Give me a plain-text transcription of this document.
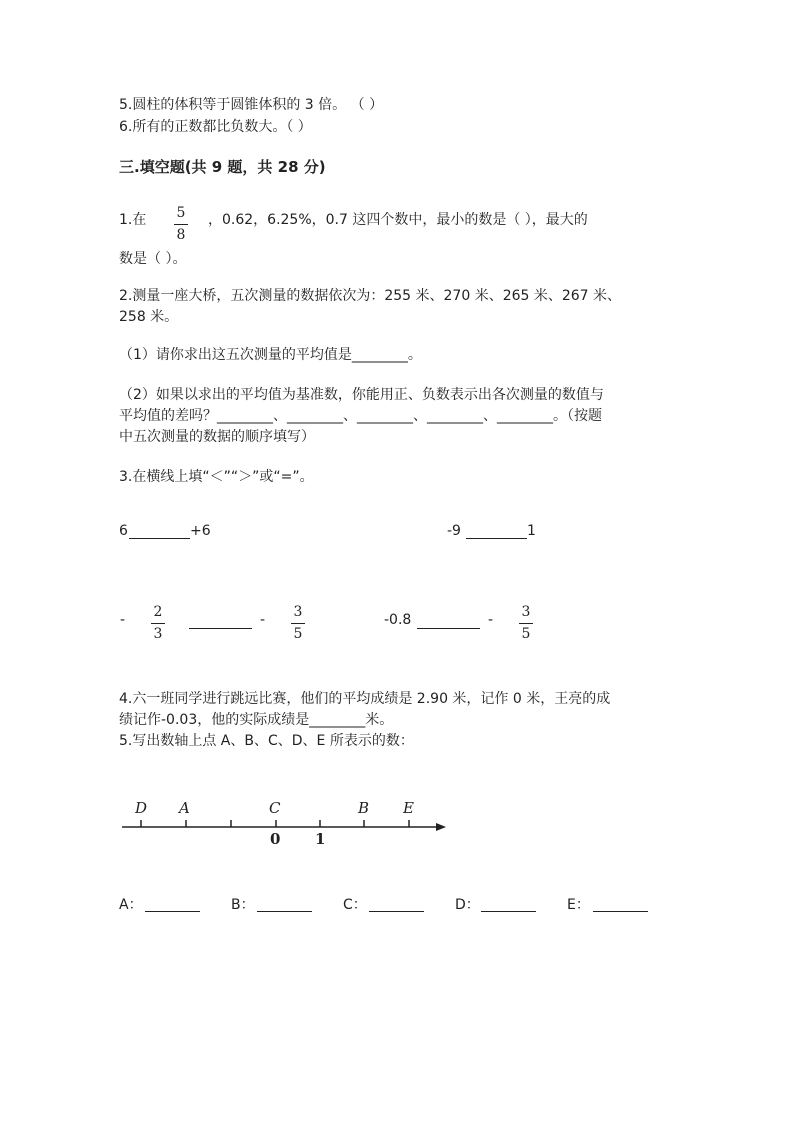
5.圆柱的体积等于圆锥体积的 3 倍。 （ ）
6.所有的正数都比负数大。（ ）
三.填空题(共 9 题，共 28 分)
1.在 5
8
，0.62，6.25%，0.7 这四个数中，最小的数是（ ），最大的
数是（ ）。
2.测量一座大桥，五次测量的数据依次为：255 米、270 米、265 米、267 米、
258 米。
（1）请你求出这五次测量的平均值是________。
（2）如果以求出的平均值为基准数，你能用正、负数表示出各次测量的数值与
平均值的差吗？________、________、________、________、________。（按题
中五次测量的数据的顺序填写）
3.在横线上填“＜”“＞”或“=”。
6	+6	-9	1
- 2
3
- 3
5
-0.8	- 3
5
4.六一班同学进行跳远比赛，他们的平均成绩是 2.90 米，记作 0 米，王亮的成
绩记作-0.03，他的实际成绩是________米。
5.写出数轴上点 A、B、C、D、E 所表示的数：
D A	C	B E
0 1
A：	B：	C：	D：	E：
